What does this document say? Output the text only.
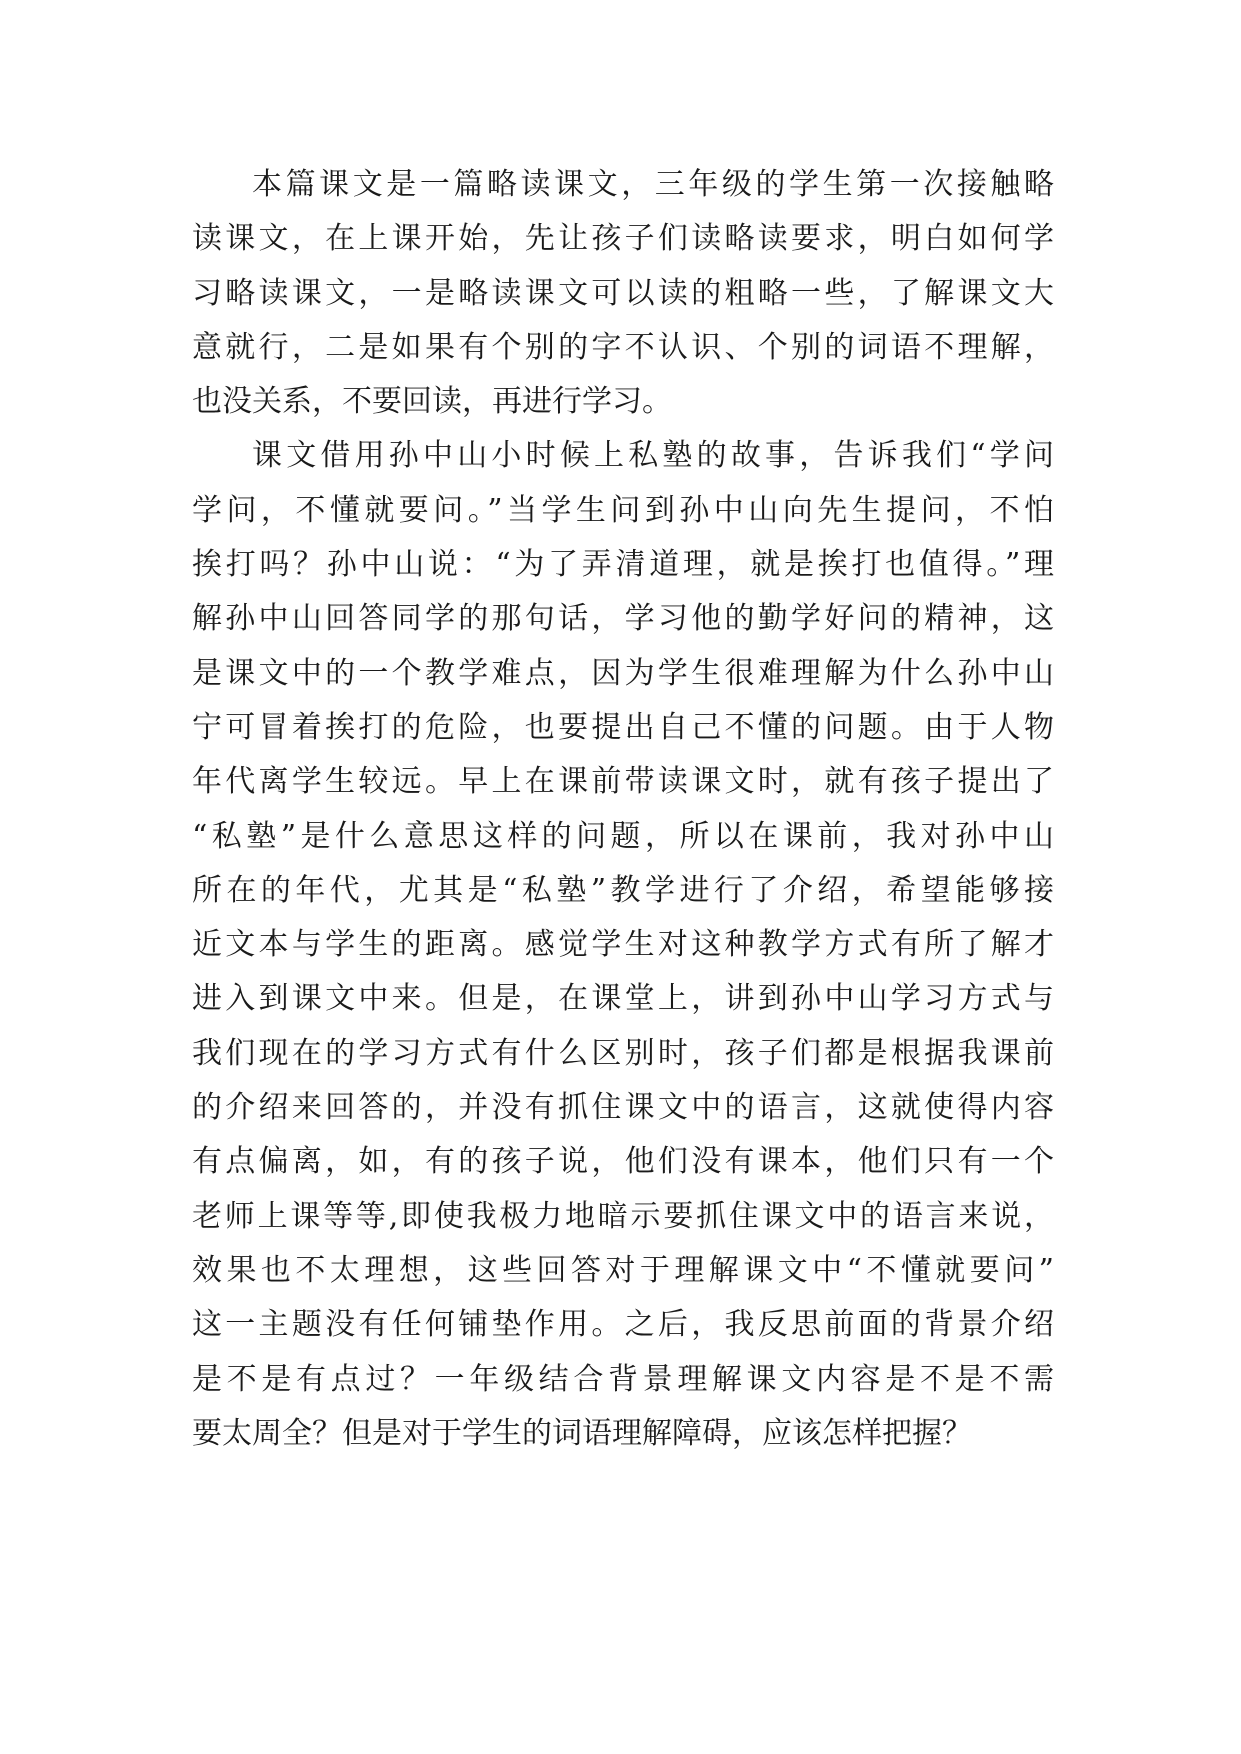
本篇课文是一篇略读课文，三年级的学生第一次接触略
读课文，在上课开始，先让孩子们读略读要求，明白如何学
习略读课文，一是略读课文可以读的粗略一些，了解课文大
意就行，二是如果有个别的字不认识、个别的词语不理解，
也没关系，不要回读，再进行学习。
课文借用孙中山小时候上私塾的故事，告诉我们“学问
学问，不懂就要问。”当学生问到孙中山向先生提问，不怕
挨打吗？孙中山说：“为了弄清道理，就是挨打也值得。”理
解孙中山回答同学的那句话，学习他的勤学好问的精神，这
是课文中的一个教学难点，因为学生很难理解为什么孙中山
宁可冒着挨打的危险，也要提出自己不懂的问题。由于人物
年代离学生较远。早上在课前带读课文时，就有孩子提出了
“私塾”是什么意思这样的问题，所以在课前，我对孙中山
所在的年代，尤其是“私塾”教学进行了介绍，希望能够接
近文本与学生的距离。感觉学生对这种教学方式有所了解才
进入到课文中来。但是，在课堂上，讲到孙中山学习方式与
我们现在的学习方式有什么区别时，孩子们都是根据我课前
的介绍来回答的，并没有抓住课文中的语言，这就使得内容
有点偏离，如，有的孩子说，他们没有课本，他们只有一个
老师上课等等,即使我极力地暗示要抓住课文中的语言来说，
效果也不太理想，这些回答对于理解课文中“不懂就要问”
这一主题没有任何铺垫作用。之后，我反思前面的背景介绍
是不是有点过？一年级结合背景理解课文内容是不是不需
要太周全？但是对于学生的词语理解障碍，应该怎样把握？
